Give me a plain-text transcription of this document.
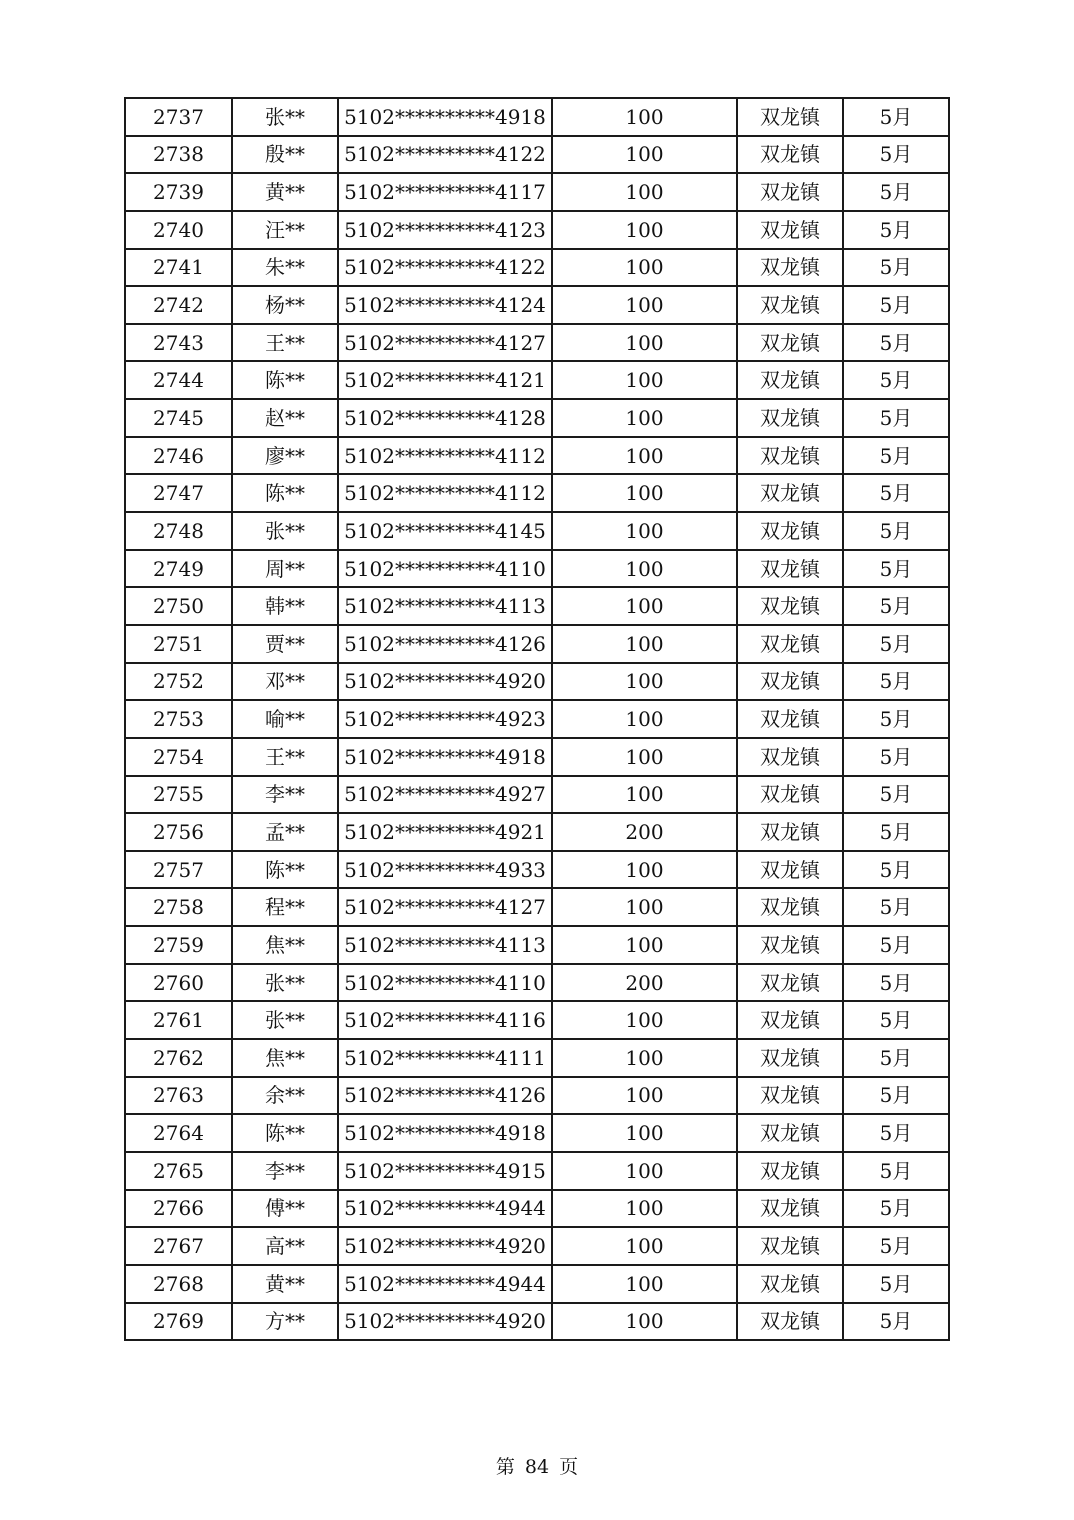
2737	张**	5102**********4918	100	双龙镇	5月
2738	殷**	5102**********4122	100	双龙镇	5月
2739	黄**	5102**********4117	100	双龙镇	5月
2740	汪**	5102**********4123	100	双龙镇	5月
2741	朱**	5102**********4122	100	双龙镇	5月
2742	杨**	5102**********4124	100	双龙镇	5月
2743	王**	5102**********4127	100	双龙镇	5月
2744	陈**	5102**********4121	100	双龙镇	5月
2745	赵**	5102**********4128	100	双龙镇	5月
2746	廖**	5102**********4112	100	双龙镇	5月
2747	陈**	5102**********4112	100	双龙镇	5月
2748	张**	5102**********4145	100	双龙镇	5月
2749	周**	5102**********4110	100	双龙镇	5月
2750	韩**	5102**********4113	100	双龙镇	5月
2751	贾**	5102**********4126	100	双龙镇	5月
2752	邓**	5102**********4920	100	双龙镇	5月
2753	喻**	5102**********4923	100	双龙镇	5月
2754	王**	5102**********4918	100	双龙镇	5月
2755	李**	5102**********4927	100	双龙镇	5月
2756	孟**	5102**********4921	200	双龙镇	5月
2757	陈**	5102**********4933	100	双龙镇	5月
2758	程**	5102**********4127	100	双龙镇	5月
2759	焦**	5102**********4113	100	双龙镇	5月
2760	张**	5102**********4110	200	双龙镇	5月
2761	张**	5102**********4116	100	双龙镇	5月
2762	焦**	5102**********4111	100	双龙镇	5月
2763	余**	5102**********4126	100	双龙镇	5月
2764	陈**	5102**********4918	100	双龙镇	5月
2765	李**	5102**********4915	100	双龙镇	5月
2766	傅**	5102**********4944	100	双龙镇	5月
2767	高**	5102**********4920	100	双龙镇	5月
2768	黄**	5102**********4944	100	双龙镇	5月
2769	方**	5102**********4920	100	双龙镇	5月
第 84 页
